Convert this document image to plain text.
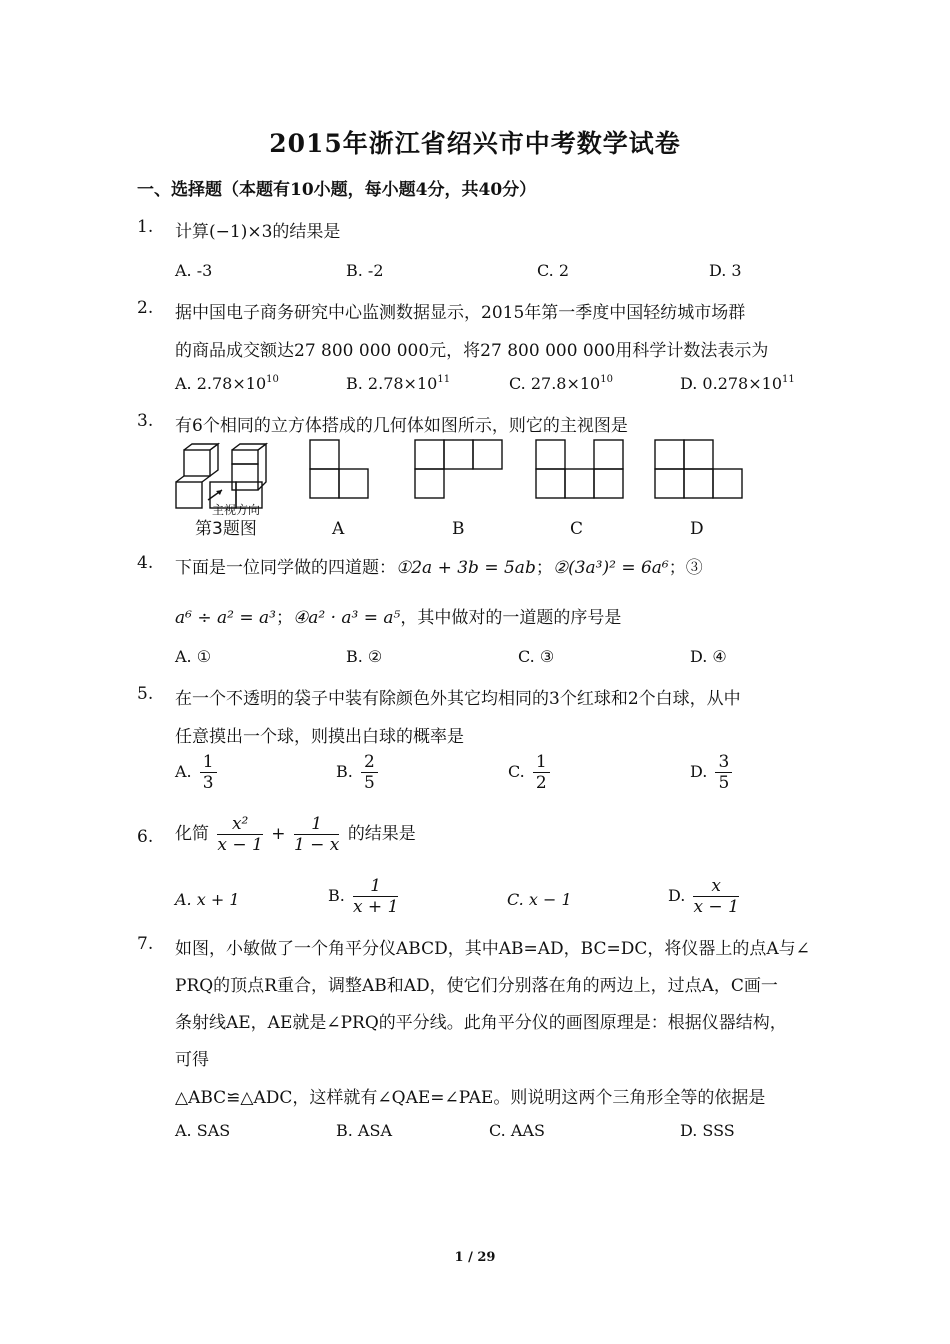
2015年浙江省绍兴市中考数学试卷
一、选择题（本题有10小题，每小题4分，共40分）
1. 计算(−1)×3的结果是
A. -3	B. -2	C. 2	D. 3
2. 据中国电子商务研究中心监测数据显示，2015年第一季度中国轻纺城市场群
的商品成交额达27 800 000 000元，将27 800 000 000用科学计数法表示为
A. $2.78\times 10^{10}$	B. $2.78\times 10^{11}$	C. $27.8\times 10^{10}$	D. $0.278\times 10^{11}$
3. 有6个相同的立方体搭成的几何体如图所示，则它的主视图是
主视方向
第3题图	A	B	C	D
4. 下面是一位同学做的四道题：①2a + 3b = 5ab；②(3a³)² = 6a⁶；③
a⁶ ÷ a² = a³；④a² · a³ = a⁵，其中做对的一道题的序号是
A. ①	B. ②	C. ③	D. ④
5. 在一个不透明的袋子中装有除颜色外其它均相同的3个红球和2个白球，从中
任意摸出一个球，则摸出白球的概率是
A. $\frac{1}{3}$	B. $\frac{2}{5}$	C. $\frac{1}{2}$	D. $\frac{3}{5}$
6. 化简 $\frac{\text{x²}}{x - 1} + \frac{1}{1 - x}$ 的结果是
A. x + 1	B. $\frac{1}{x + 1}$	C. x − 1	D. $\frac{x}{x - 1}$
7. 如图，小敏做了一个角平分仪ABCD，其中AB=AD，BC=DC，将仪器上的点A与∠
PRQ的顶点R重合，调整AB和AD，使它们分别落在角的两边上，过点A，C画一
条射线AE，AE就是∠PRQ的平分线。此角平分仪的画图原理是：根据仪器结构，
可得
△ABC≌△ADC，这样就有∠QAE=∠PAE。则说明这两个三角形全等的依据是
A. SAS	B. ASA	C. AAS	D. SSS
1 / 29
